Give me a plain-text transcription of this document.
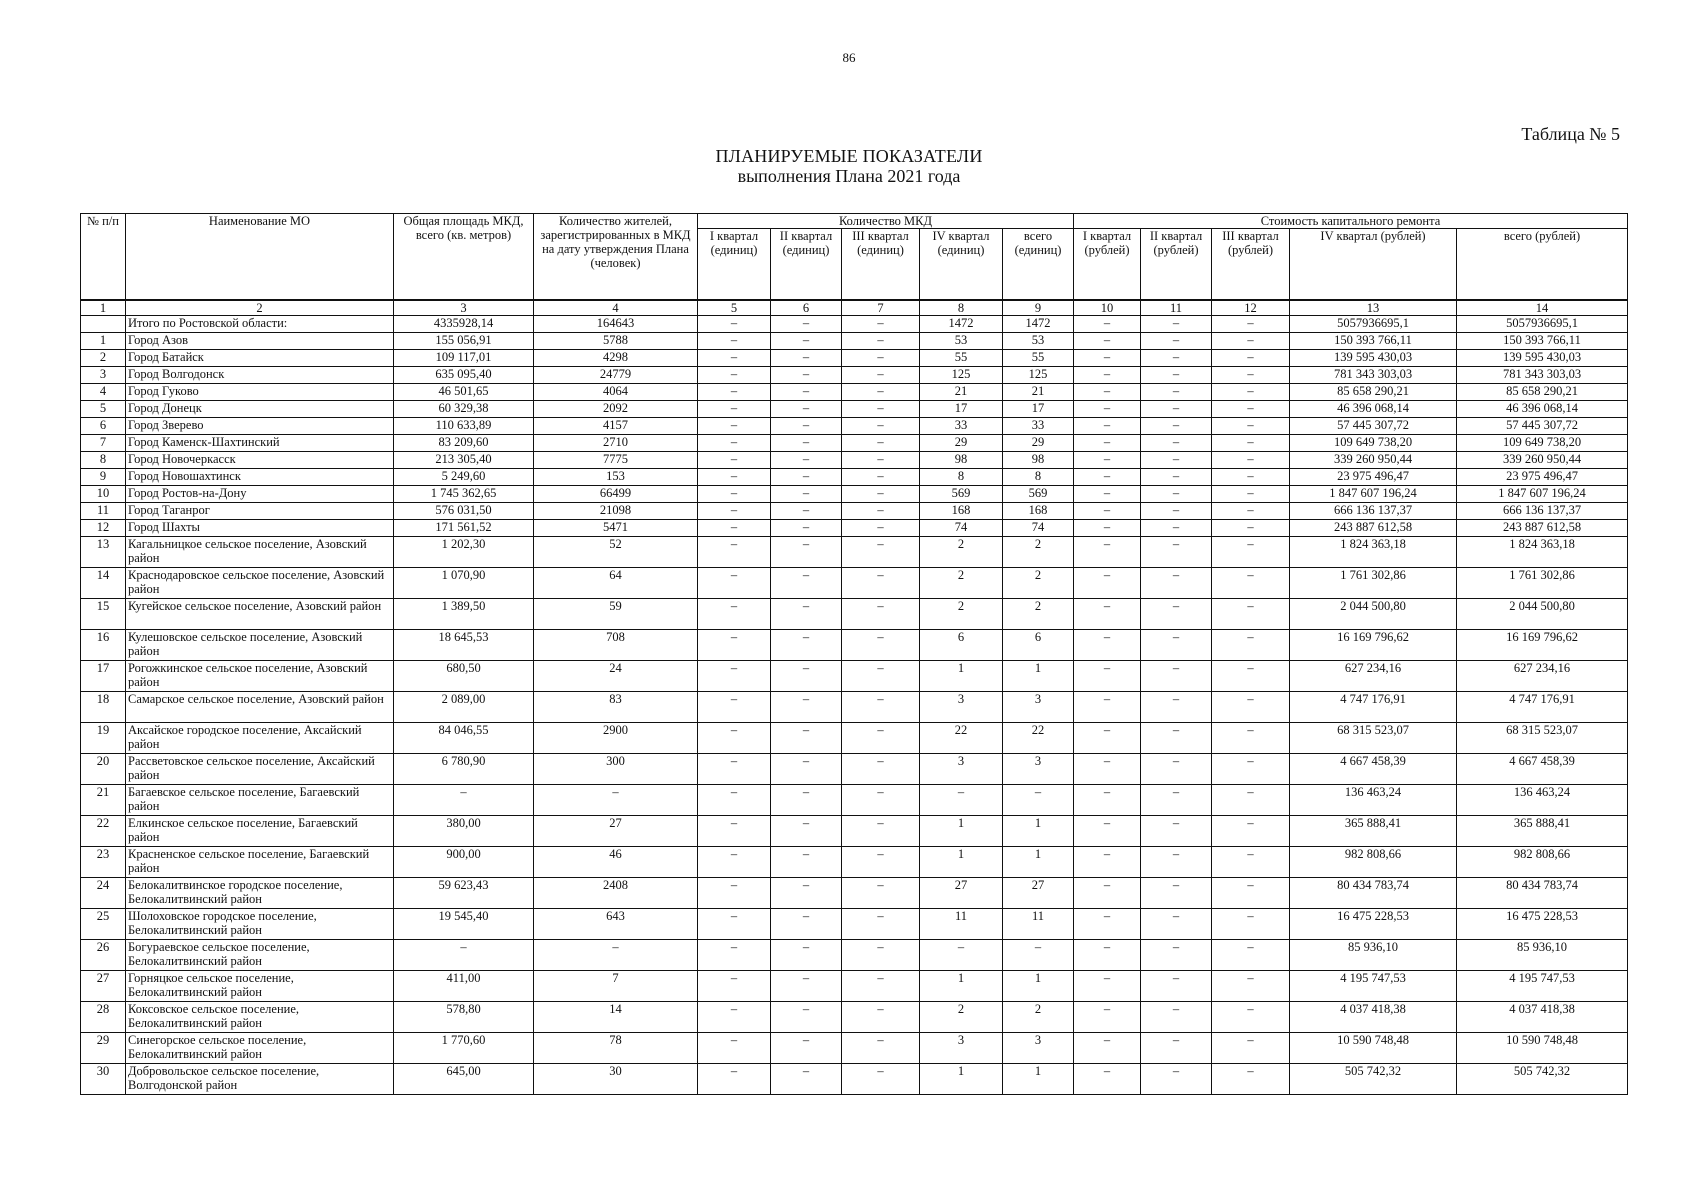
86
Таблица № 5
ПЛАНИРУЕМЫЕ ПОКАЗАТЕЛИ
выполнения Плана 2021 года
№ п/п	Наименование МО	Общая площадь МКД, всего (кв. метров)	Количество жителей, зарегистрированных в МКД на дату утверждения Плана (человек)	Количество МКД					Стоимость капитального ремонта				
				I квартал (единиц)	II квартал (единиц)	III квартал (единиц)	IV квартал (единиц)	всего (единиц)	I квартал (рублей)	II квартал (рублей)	III квартал (рублей)	IV квартал (рублей)	всего (рублей)
1	2	3	4	5	6	7	8	9	10	11	12	13	14
	Итого по Ростовской области:	4335928,14	164643	–	–	–	1472	1472	–	–	–	5057936695,1	5057936695,1
1	Город Азов	155 056,91	5788	–	–	–	53	53	–	–	–	150 393 766,11	150 393 766,11
2	Город Батайск	109 117,01	4298	–	–	–	55	55	–	–	–	139 595 430,03	139 595 430,03
3	Город Волгодонск	635 095,40	24779	–	–	–	125	125	–	–	–	781 343 303,03	781 343 303,03
4	Город Гуково	46 501,65	4064	–	–	–	21	21	–	–	–	85 658 290,21	85 658 290,21
5	Город Донецк	60 329,38	2092	–	–	–	17	17	–	–	–	46 396 068,14	46 396 068,14
6	Город Зверево	110 633,89	4157	–	–	–	33	33	–	–	–	57 445 307,72	57 445 307,72
7	Город Каменск-Шахтинский	83 209,60	2710	–	–	–	29	29	–	–	–	109 649 738,20	109 649 738,20
8	Город Новочеркасск	213 305,40	7775	–	–	–	98	98	–	–	–	339 260 950,44	339 260 950,44
9	Город Новошахтинск	5 249,60	153	–	–	–	8	8	–	–	–	23 975 496,47	23 975 496,47
10	Город Ростов-на-Дону	1 745 362,65	66499	–	–	–	569	569	–	–	–	1 847 607 196,24	1 847 607 196,24
11	Город Таганрог	576 031,50	21098	–	–	–	168	168	–	–	–	666 136 137,37	666 136 137,37
12	Город Шахты	171 561,52	5471	–	–	–	74	74	–	–	–	243 887 612,58	243 887 612,58
13	Кагальницкое сельское поселение, Азовский район	1 202,30	52	–	–	–	2	2	–	–	–	1 824 363,18	1 824 363,18
14	Краснодаровское сельское поселение, Азовский район	1 070,90	64	–	–	–	2	2	–	–	–	1 761 302,86	1 761 302,86
15	Кугейское сельское поселение, Азовский район	1 389,50	59	–	–	–	2	2	–	–	–	2 044 500,80	2 044 500,80
16	Кулешовское сельское поселение, Азовский район	18 645,53	708	–	–	–	6	6	–	–	–	16 169 796,62	16 169 796,62
17	Рогожкинское сельское поселение, Азовский район	680,50	24	–	–	–	1	1	–	–	–	627 234,16	627 234,16
18	Самарское сельское поселение, Азовский район	2 089,00	83	–	–	–	3	3	–	–	–	4 747 176,91	4 747 176,91
19	Аксайское городское поселение, Аксайский район	84 046,55	2900	–	–	–	22	22	–	–	–	68 315 523,07	68 315 523,07
20	Рассветовское сельское поселение, Аксайский район	6 780,90	300	–	–	–	3	3	–	–	–	4 667 458,39	4 667 458,39
21	Багаевское сельское поселение, Багаевский район	–	–	–	–	–	–	–	–	–	–	136 463,24	136 463,24
22	Елкинское сельское поселение, Багаевский район	380,00	27	–	–	–	1	1	–	–	–	365 888,41	365 888,41
23	Красненское сельское поселение, Багаевский район	900,00	46	–	–	–	1	1	–	–	–	982 808,66	982 808,66
24	Белокалитвинское городское поселение, Белокалитвинский район	59 623,43	2408	–	–	–	27	27	–	–	–	80 434 783,74	80 434 783,74
25	Шолоховское городское поселение, Белокалитвинский район	19 545,40	643	–	–	–	11	11	–	–	–	16 475 228,53	16 475 228,53
26	Богураевское сельское поселение, Белокалитвинский район	–	–	–	–	–	–	–	–	–	–	85 936,10	85 936,10
27	Горняцкое сельское поселение, Белокалитвинский район	411,00	7	–	–	–	1	1	–	–	–	4 195 747,53	4 195 747,53
28	Коксовское сельское поселение, Белокалитвинский район	578,80	14	–	–	–	2	2	–	–	–	4 037 418,38	4 037 418,38
29	Синегорское сельское поселение, Белокалитвинский район	1 770,60	78	–	–	–	3	3	–	–	–	10 590 748,48	10 590 748,48
30	Добровольское сельское поселение, Волгодонской район	645,00	30	–	–	–	1	1	–	–	–	505 742,32	505 742,32
